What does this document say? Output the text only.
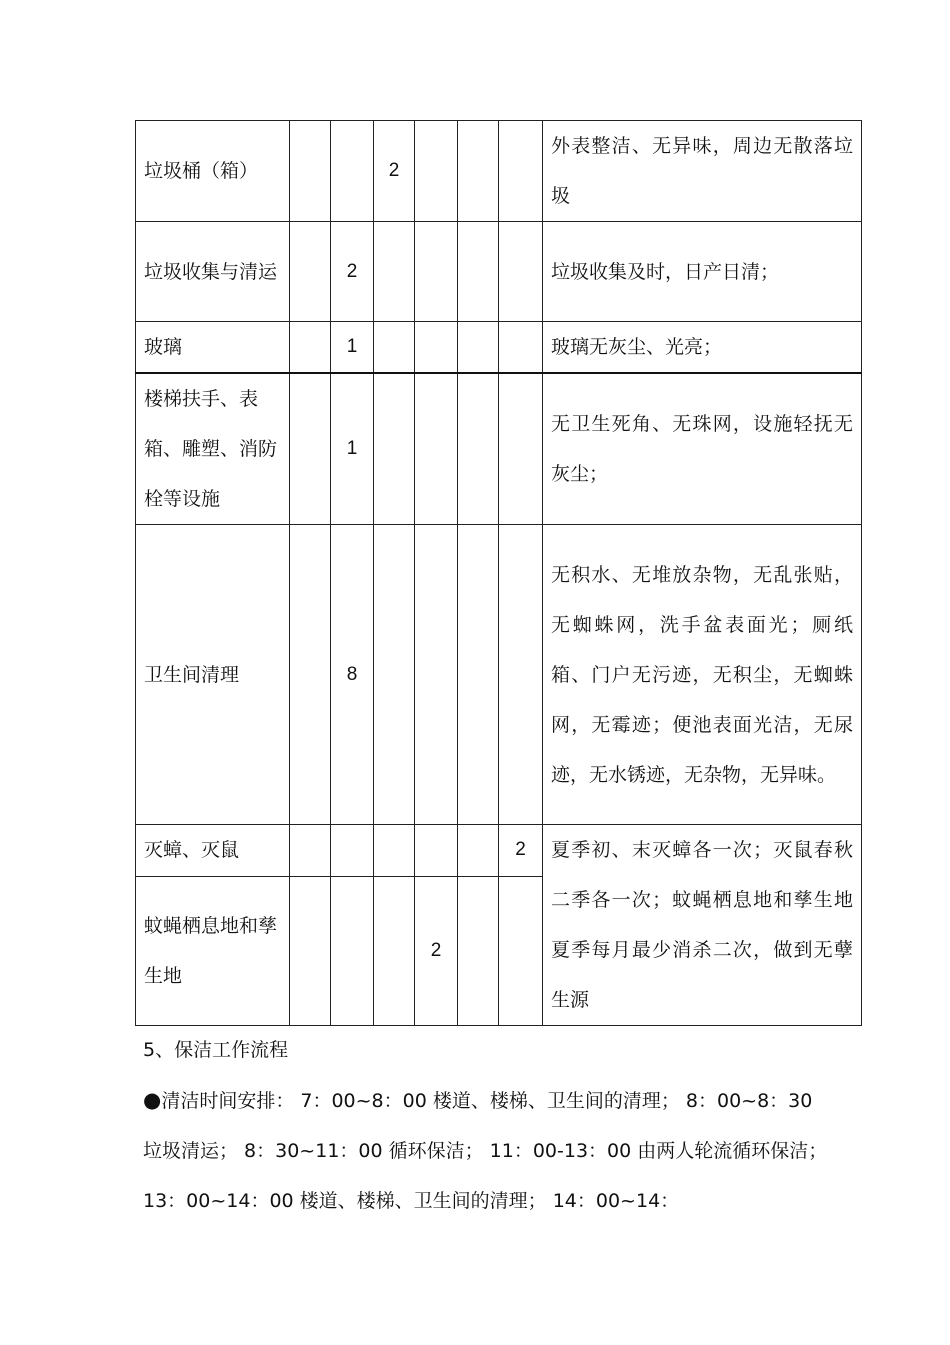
垃圾桶（箱）			2				外表整洁、无异味，周边无散落垃圾
垃圾收集与清运		2					垃圾收集及时，日产日清；
玻璃		1					玻璃无灰尘、光亮；
楼梯扶手、表箱、雕塑、消防栓等设施		1					无卫生死角、无珠网，设施轻抚无灰尘；
卫生间清理		8					无积水、无堆放杂物，无乱张贴，无蜘蛛网，洗手盆表面光；厕纸箱、门户无污迹，无积尘，无蜘蛛网，无霉迹；便池表面光洁，无尿迹，无水锈迹，无杂物，无异味。
灭蟑、灭鼠						2	夏季初、末灭蟑各一次；灭鼠春秋二季各一次；蚊蝇栖息地和孳生地夏季每月最少消杀二次，做到无孽生源
蚊蝇栖息地和孳生地				2			

5、保洁工作流程

●清洁时间安排： 7：00~8：00 楼道、楼梯、卫生间的清理； 8：00~8：30 垃圾清运； 8：30~11：00 循环保洁； 11：00-13：00 由两人轮流循环保洁； 13：00~14：00 楼道、楼梯、卫生间的清理； 14：00~14：
